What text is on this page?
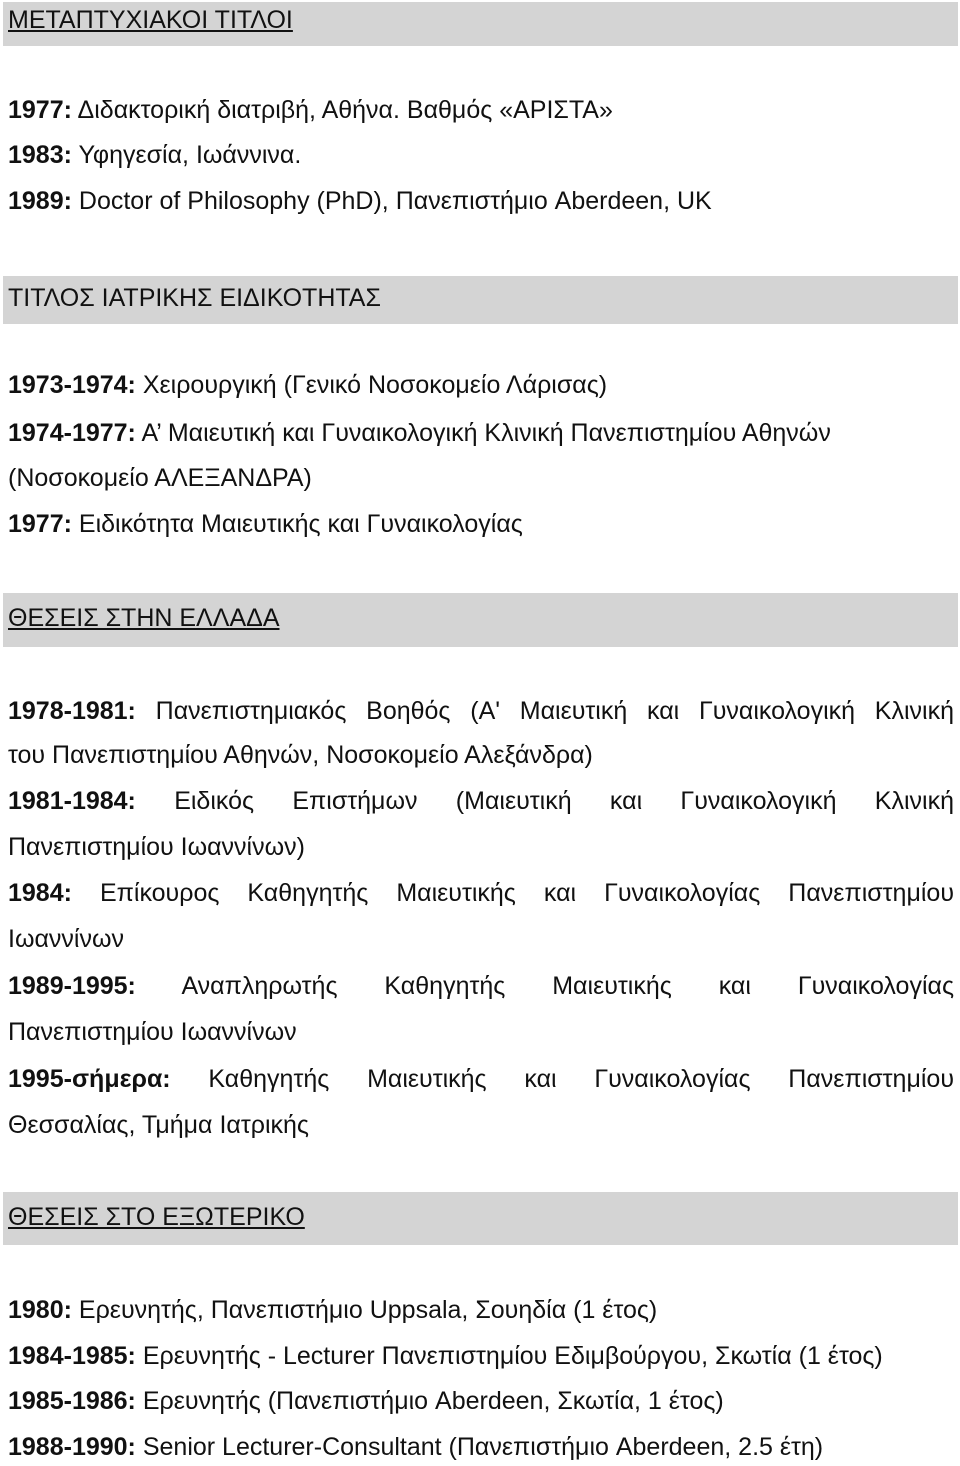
ΜΕΤΑΠΤΥΧΙΑΚΟΙ ΤΙΤΛΟΙ
1977: Διδακτορική διατριβή, Αθήνα. Βαθμός «ΑΡΙΣΤΑ»
1983: Υφηγεσία, Ιωάννινα.
1989: Doctor of Philosophy (PhD), Πανεπιστήμιο Aberdeen, UK
ΤΙΤΛΟΣ ΙΑΤΡΙΚΗΣ ΕΙΔΙΚΟΤΗΤΑΣ
1973-1974: Χειρουργική (Γενικό Νοσοκομείο Λάρισας)
1974-1977: Α’ Μαιευτική και Γυναικολογική Κλινική Πανεπιστημίου Αθηνών
(Νοσοκομείο ΑΛΕΞΑΝΔΡΑ)
1977: Ειδικότητα Μαιευτικής και Γυναικολογίας
ΘΕΣΕΙΣ ΣΤΗΝ ΕΛΛΑΔΑ
1978-1981: Πανεπιστημιακός Βοηθός (Α' Μαιευτική και Γυναικολογική Κλινική
του Πανεπιστημίου Αθηνών, Νοσοκομείο Αλεξάνδρα)
1981-1984: Ειδικός Επιστήμων (Μαιευτική και Γυναικολογική Κλινική
Πανεπιστημίου Ιωαννίνων)
1984: Επίκουρος Καθηγητής Μαιευτικής και Γυναικολογίας Πανεπιστημίου
Ιωαννίνων
1989-1995: Αναπληρωτής Καθηγητής Μαιευτικής και Γυναικολογίας
Πανεπιστημίου Ιωαννίνων
1995-σήμερα: Καθηγητής Μαιευτικής και Γυναικολογίας Πανεπιστημίου
Θεσσαλίας, Τμήμα Ιατρικής
ΘΕΣΕΙΣ ΣΤΟ ΕΞΩΤΕΡΙΚΟ
1980: Ερευνητής, Πανεπιστήμιο Uppsala, Σουηδία (1 έτος)
1984-1985: Ερευνητής - Lecturer Πανεπιστημίου Εδιμβούργου, Σκωτία (1 έτος)
1985-1986: Ερευνητής (Πανεπιστήμιο Aberdeen, Σκωτία, 1 έτος)
1988-1990: Senior Lecturer-Consultant (Πανεπιστήμιο Aberdeen, 2.5 έτη)
